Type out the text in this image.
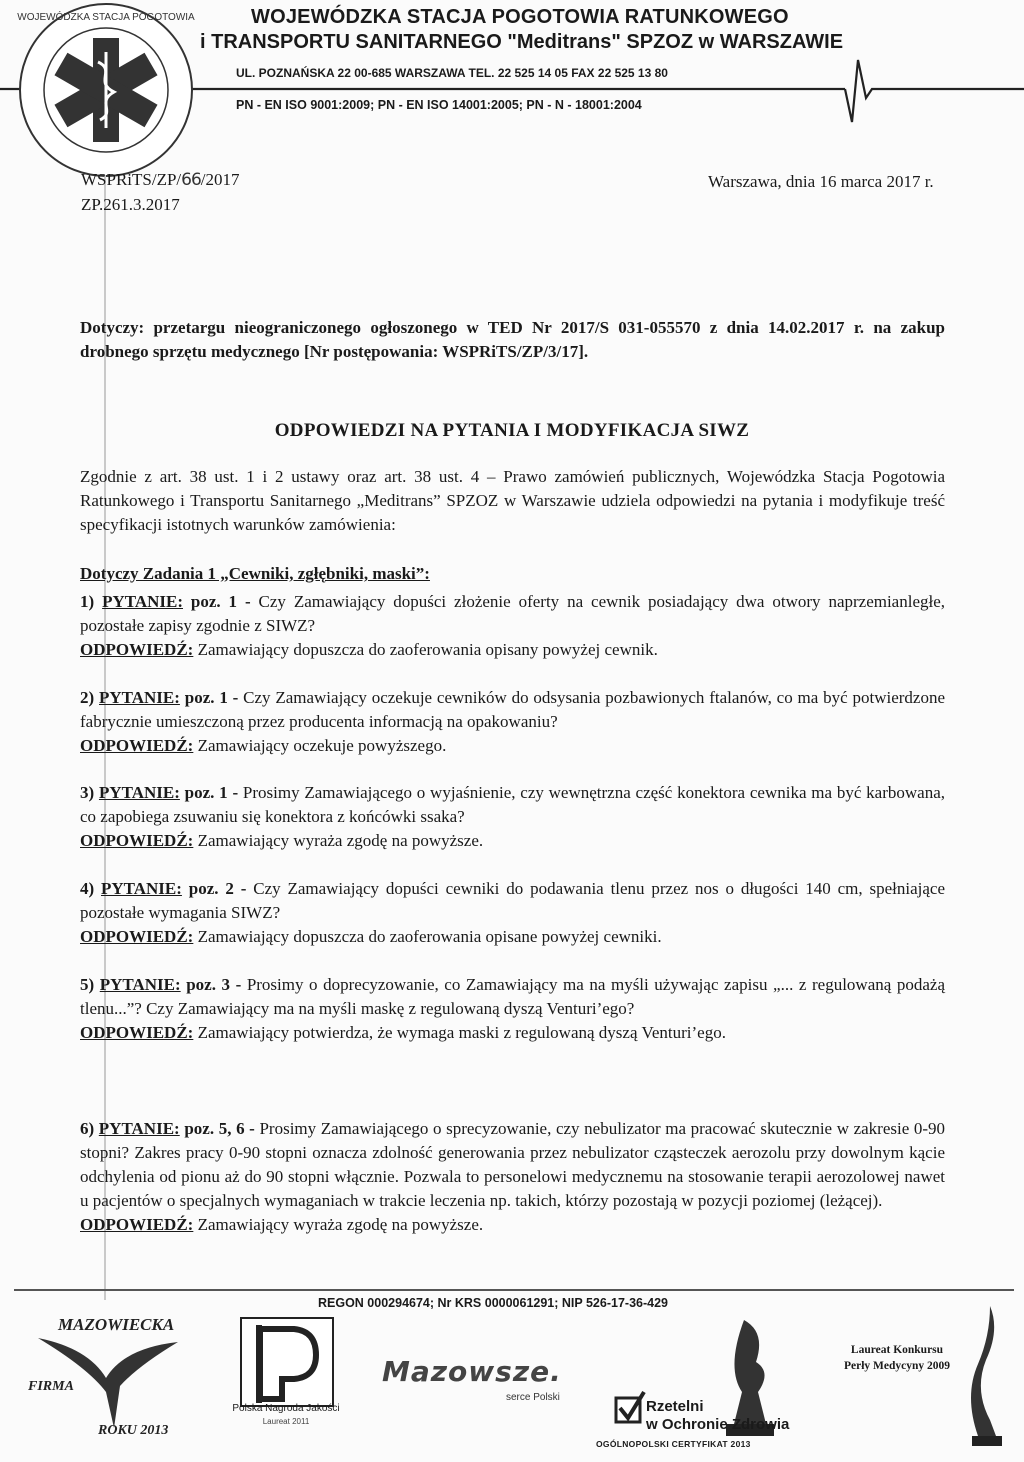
WOJEWÓDZKA STACJA POGOTOWIA	WOJEWÓDZKA STACJA POGOTOWIA RATUNKOWEGO
i TRANSPORTU SANITARNEGO "Meditrans" SPZOZ w WARSZAWIE
UL. POZNAŃSKA 22 00-685 WARSZAWA TEL. 22 525 14 05 FAX 22 525 13 80
PN - EN ISO 9001:2009; PN - EN ISO 14001:2005; PN - N - 18001:2004
WSPRiTS/ZP/66/2017
ZP.261.3.2017
Warszawa, dnia 16 marca 2017 r.
Dotyczy: przetargu nieograniczonego ogłoszonego w TED Nr 2017/S 031-055570 z dnia 14.02.2017 r. na zakup drobnego sprzętu medycznego [Nr postępowania: WSPRiTS/ZP/3/17].
ODPOWIEDZI NA PYTANIA I MODYFIKACJA SIWZ
Zgodnie z art. 38 ust. 1 i 2 ustawy oraz art. 38 ust. 4 – Prawo zamówień publicznych, Wojewódzka Stacja Pogotowia Ratunkowego i Transportu Sanitarnego „Meditrans” SPZOZ w Warszawie udziela odpowiedzi na pytania i modyfikuje treść specyfikacji istotnych warunków zamówienia:
Dotyczy Zadania 1 „Cewniki, zgłębniki, maski”:

1) PYTANIE: poz. 1 - Czy Zamawiający dopuści złożenie oferty na cewnik posiadający dwa otwory naprzemianległe, pozostałe zapisy zgodnie z SIWZ?

ODPOWIEDŹ: Zamawiający dopuszcza do zaoferowania opisany powyżej cewnik.

2) PYTANIE: poz. 1 - Czy Zamawiający oczekuje cewników do odsysania pozbawionych ftalanów, co ma być potwierdzone fabrycznie umieszczoną przez producenta informacją na opakowaniu?

ODPOWIEDŹ: Zamawiający oczekuje powyższego.

3) PYTANIE: poz. 1 - Prosimy Zamawiającego o wyjaśnienie, czy wewnętrzna część konektora cewnika ma być karbowana, co zapobiega zsuwaniu się konektora z końcówki ssaka?

ODPOWIEDŹ: Zamawiający wyraża zgodę na powyższe.

4) PYTANIE: poz. 2 - Czy Zamawiający dopuści cewniki do podawania tlenu przez nos o długości 140 cm, spełniające pozostałe wymagania SIWZ?

ODPOWIEDŹ: Zamawiający dopuszcza do zaoferowania opisane powyżej cewniki.

5) PYTANIE: poz. 3 - Prosimy o doprecyzowanie, co Zamawiający ma na myśli używając zapisu „... z regulowaną podażą tlenu...”? Czy Zamawiający ma na myśli maskę z regulowaną dyszą Venturi’ego?

ODPOWIEDŹ: Zamawiający potwierdza, że wymaga maski z regulowaną dyszą Venturi’ego.

6) PYTANIE: poz. 5, 6 - Prosimy Zamawiającego o sprecyzowanie, czy nebulizator ma pracować skutecznie w zakresie 0-90 stopni? Zakres pracy 0-90 stopni oznacza zdolność generowania przez nebulizator cząsteczek aerozolu przy dowolnym kącie odchylenia od pionu aż do 90 stopni włącznie. Pozwala to personelowi medycznemu na stosowanie terapii aerozolowej nawet u pacjentów o specjalnych wymaganiach w trakcie leczenia np. takich, którzy pozostają w pozycji poziomej (leżącej).

ODPOWIEDŹ: Zamawiający wyraża zgodę na powyższe.

REGON 000294674; Nr KRS 0000061291; NIP 526-17-36-429
MAZOWIECKA
FIRMA
ROKU 2013
Polska Nagroda Jakości
Laureat 2011
Mazowsze.
serce Polski
Rzetelni
w Ochronie Zdrowia
OGÓLNOPOLSKI CERTYFIKAT 2013
Laureat Konkursu
Perły Medycyny 2009
